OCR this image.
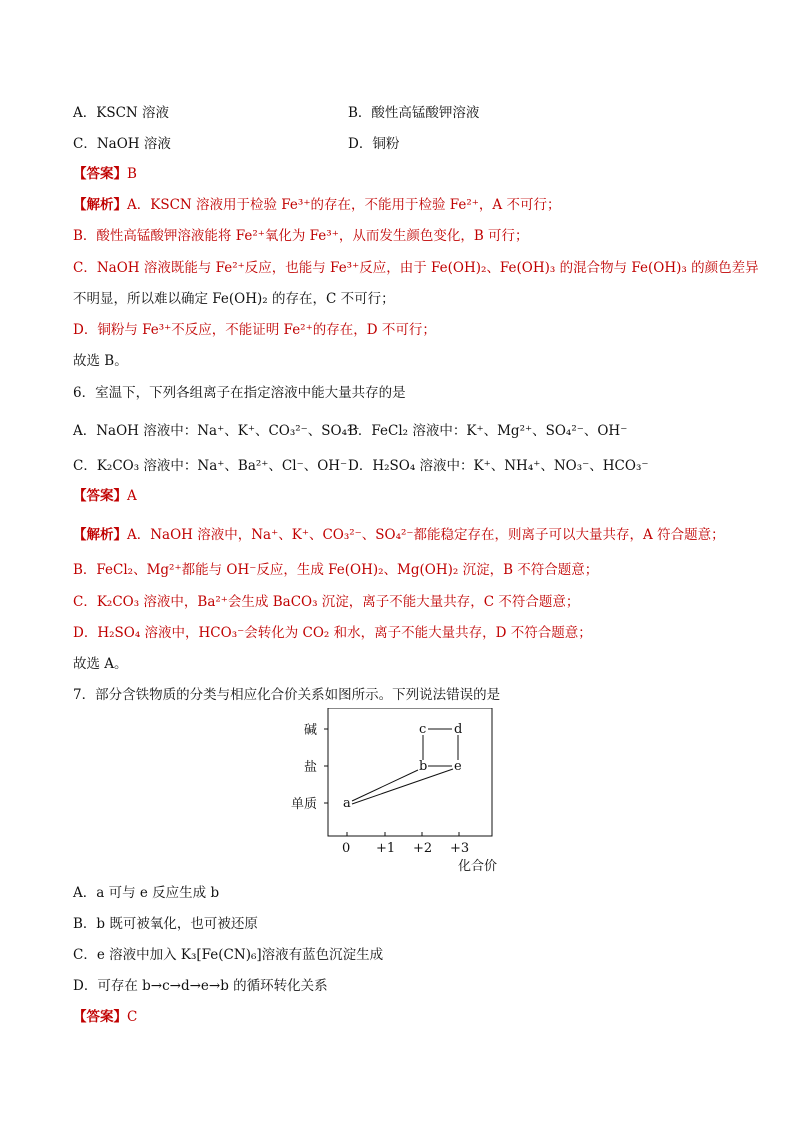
A．KSCN 溶液	B．酸性高锰酸钾溶液
C．NaOH 溶液	D．铜粉
【答案】B
【解析】A．KSCN 溶液用于检验 Fe³⁺的存在，不能用于检验 Fe²⁺，A 不可行；
B．酸性高锰酸钾溶液能将 Fe²⁺氧化为 Fe³⁺，从而发生颜色变化，B 可行；
C．NaOH 溶液既能与 Fe²⁺反应，也能与 Fe³⁺反应，由于 Fe(OH)₂、Fe(OH)₃ 的混合物与 Fe(OH)₃ 的颜色差异
不明显，所以难以确定 Fe(OH)₂ 的存在，C 不可行；
D．铜粉与 Fe³⁺不反应，不能证明 Fe²⁺的存在，D 不可行；
故选 B。
6．室温下，下列各组离子在指定溶液中能大量共存的是
A．NaOH 溶液中：Na⁺、K⁺、CO₃²⁻、SO₄²⁻
B．FeCl₂ 溶液中：K⁺、Mg²⁺、SO₄²⁻、OH⁻
C．K₂CO₃ 溶液中：Na⁺、Ba²⁺、Cl⁻、OH⁻ D．H₂SO₄ 溶液中：K⁺、NH₄⁺、NO₃⁻、HCO₃⁻
【答案】A
【解析】A．NaOH 溶液中，Na⁺、K⁺、CO₃²⁻、SO₄²⁻都能稳定存在，则离子可以大量共存，A 符合题意；
B．FeCl₂、Mg²⁺都能与 OH⁻反应，生成 Fe(OH)₂、Mg(OH)₂ 沉淀，B 不符合题意；
C．K₂CO₃ 溶液中，Ba²⁺会生成 BaCO₃ 沉淀，离子不能大量共存，C 不符合题意；
D．H₂SO₄ 溶液中，HCO₃⁻会转化为 CO₂ 和水，离子不能大量共存，D 不符合题意；
故选 A。
7．部分含铁物质的分类与相应化合价关系如图所示。下列说法错误的是
碱
盐
单质
0 +1 +2 +3
化合价
c d
b e
a
A．a 可与 e 反应生成 b
B．b 既可被氧化，也可被还原
C．e 溶液中加入 K₃[Fe(CN)₆]溶液有蓝色沉淀生成
D．可存在 b→c→d→e→b 的循环转化关系
【答案】C
